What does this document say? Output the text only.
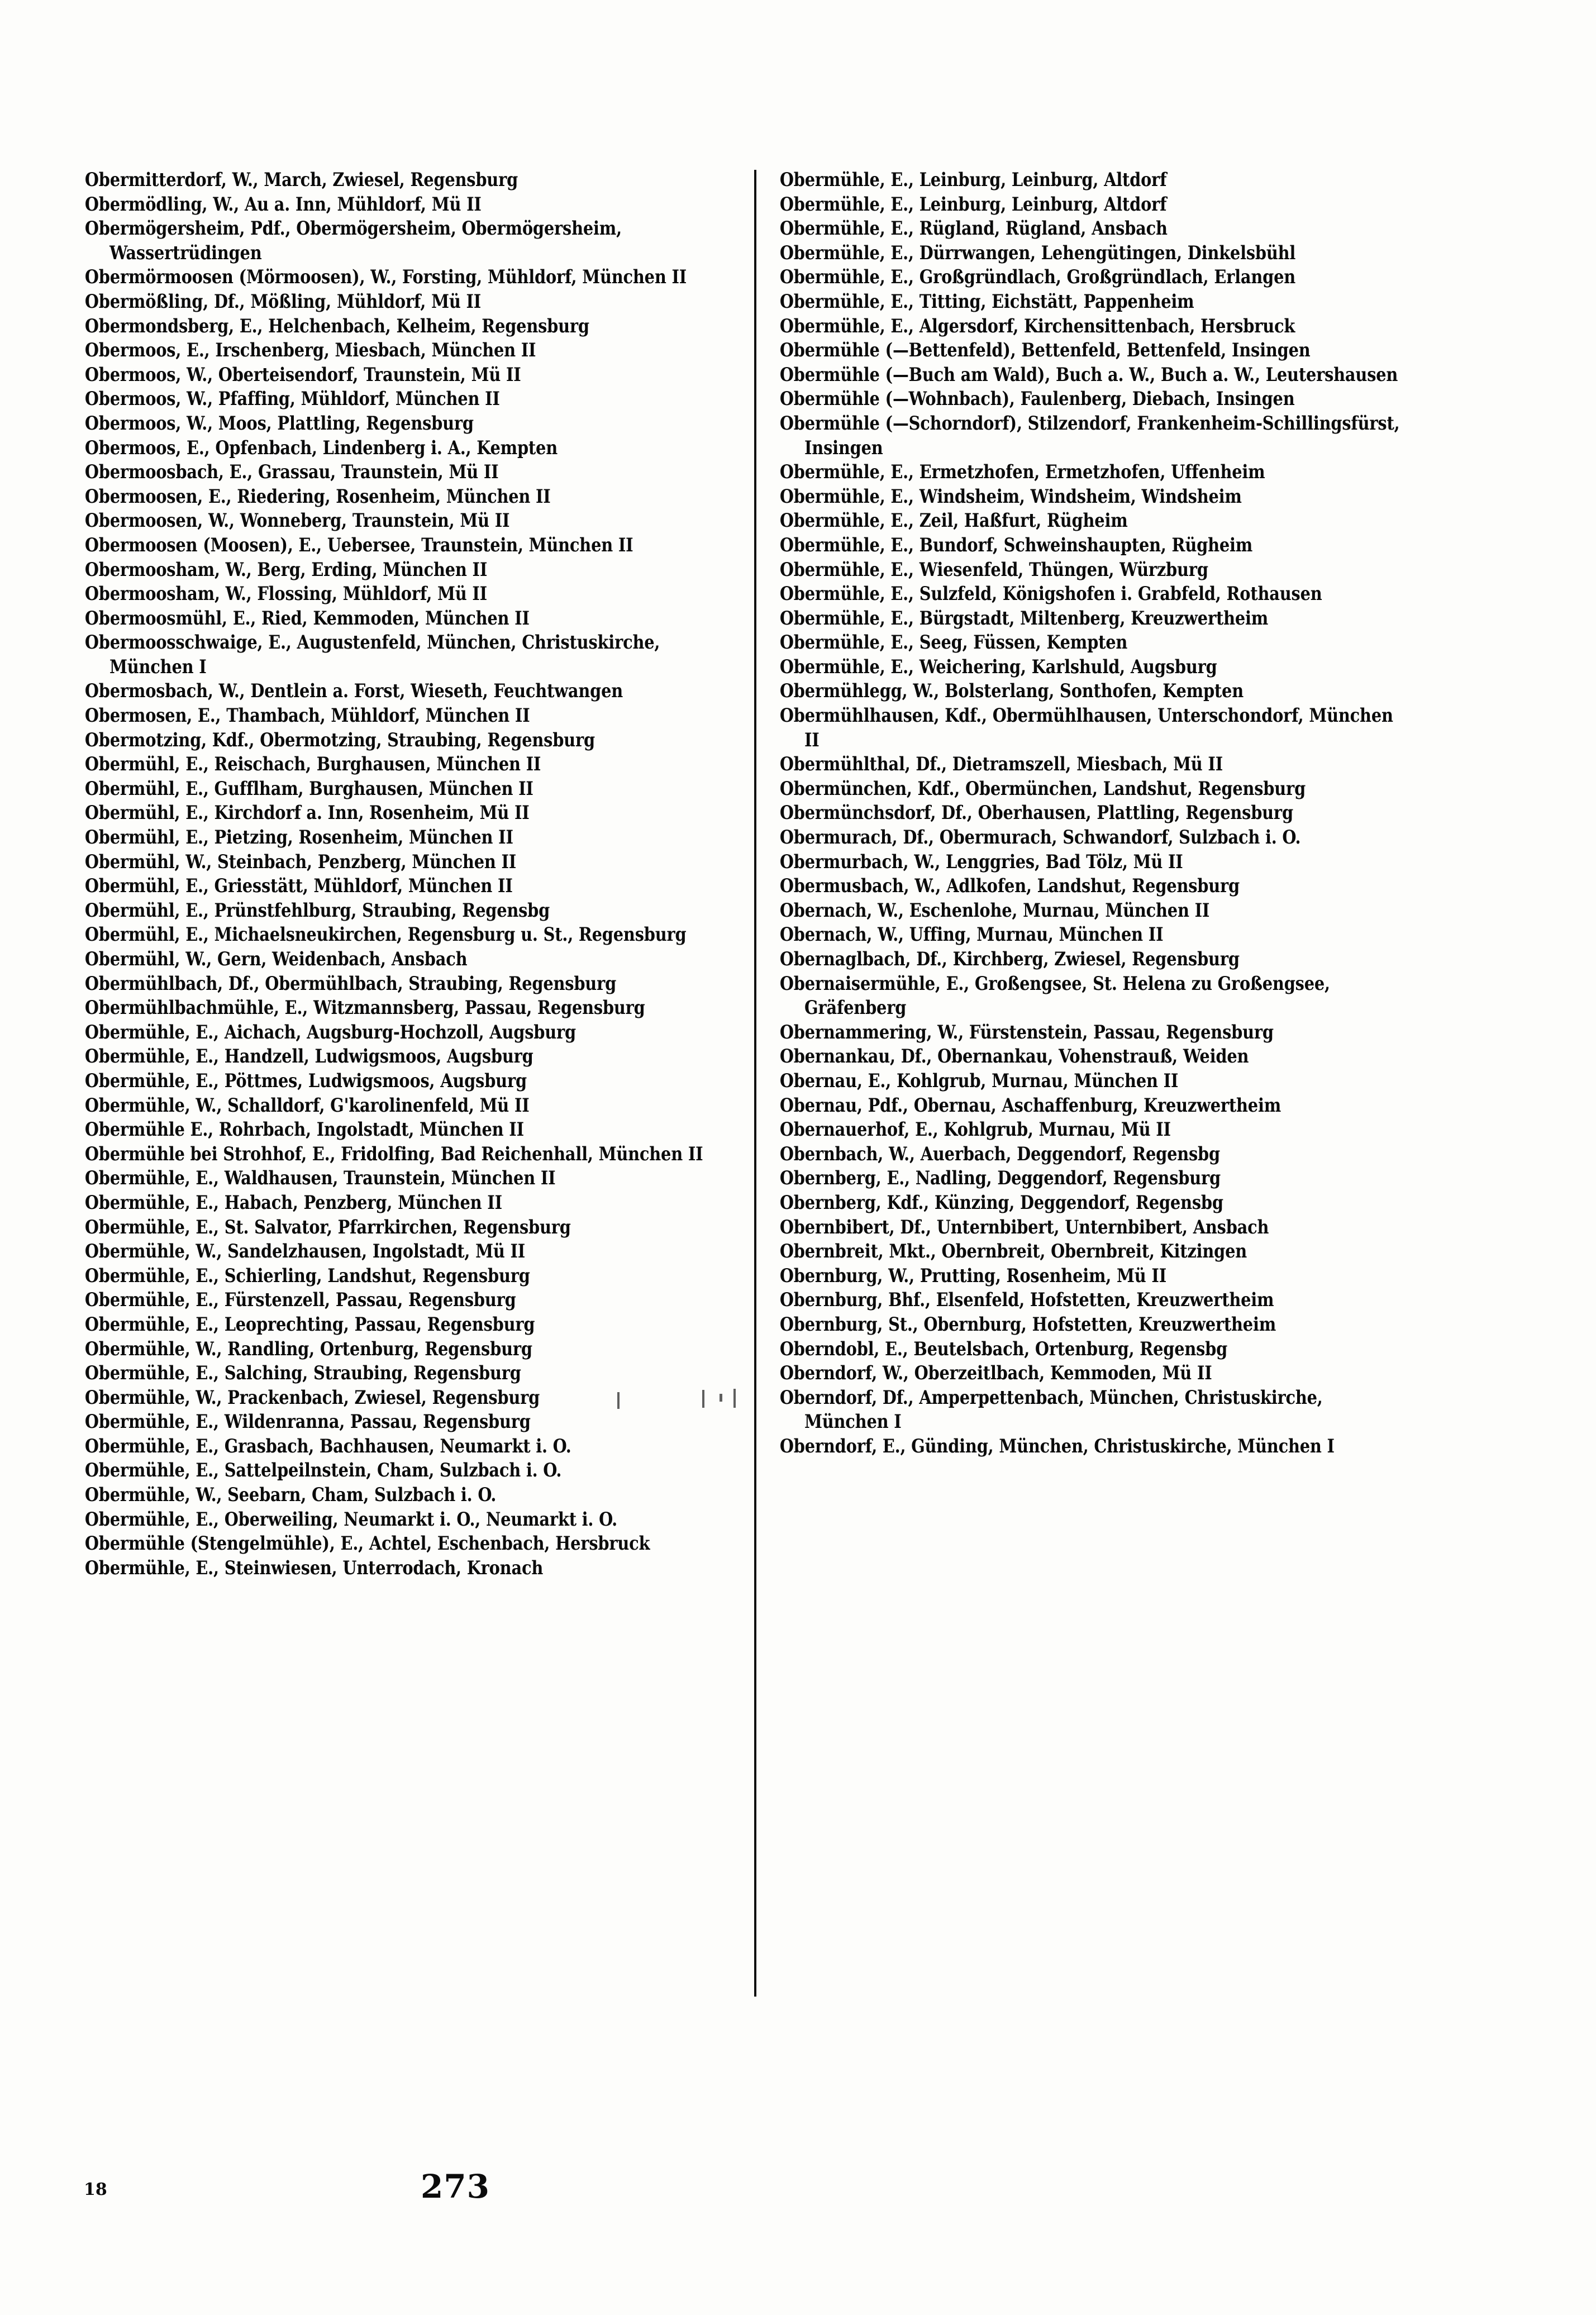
Obermitterdorf, W., March, Zwiesel, Regensburg

Obermödling, W., Au a. Inn, Mühldorf, Mü II

Obermögersheim, Pdf., Obermögersheim, Obermögersheim, Wassertrüdingen

Obermörmoosen (Mörmoosen), W., Forsting, Mühldorf, München II

Obermößling, Df., Mößling, Mühldorf, Mü II

Obermondsberg, E., Helchenbach, Kelheim, Regensburg

Obermoos, E., Irschenberg, Miesbach, München II

Obermoos, W., Oberteisendorf, Traunstein, Mü II

Obermoos, W., Pfaffing, Mühldorf, München II

Obermoos, W., Moos, Plattling, Regensburg

Obermoos, E., Opfenbach, Lindenberg i. A., Kempten

Obermoosbach, E., Grassau, Traunstein, Mü II

Obermoosen, E., Riedering, Rosenheim, München II

Obermoosen, W., Wonneberg, Traunstein, Mü II

Obermoosen (Moosen), E., Uebersee, Traunstein, München II

Obermoosham, W., Berg, Erding, München II

Obermoosham, W., Flossing, Mühldorf, Mü II

Obermoosmühl, E., Ried, Kemmoden, München II

Obermoosschwaige, E., Augustenfeld, München, Christuskirche, München I

Obermosbach, W., Dentlein a. Forst, Wieseth, Feuchtwangen

Obermosen, E., Thambach, Mühldorf, München II

Obermotzing, Kdf., Obermotzing, Straubing, Regensburg

Obermühl, E., Reischach, Burghausen, München II

Obermühl, E., Gufflham, Burghausen, München II

Obermühl, E., Kirchdorf a. Inn, Rosenheim, Mü II

Obermühl, E., Pietzing, Rosenheim, München II

Obermühl, W., Steinbach, Penzberg, München II

Obermühl, E., Griesstätt, Mühldorf, München II

Obermühl, E., Prünstfehlburg, Straubing, Regensbg

Obermühl, E., Michaelsneukirchen, Regensburg u. St., Regensburg

Obermühl, W., Gern, Weidenbach, Ansbach

Obermühlbach, Df., Obermühlbach, Straubing, Regensburg

Obermühlbachmühle, E., Witzmannsberg, Passau, Regensburg

Obermühle, E., Aichach, Augsburg-Hochzoll, Augsburg

Obermühle, E., Handzell, Ludwigsmoos, Augsburg

Obermühle, E., Pöttmes, Ludwigsmoos, Augsburg

Obermühle, W., Schalldorf, G'karolinenfeld, Mü II

Obermühle E., Rohrbach, Ingolstadt, München II

Obermühle bei Strohhof, E., Fridolfing, Bad Reichenhall, München II

Obermühle, E., Waldhausen, Traunstein, München II

Obermühle, E., Habach, Penzberg, München II

Obermühle, E., St. Salvator, Pfarrkirchen, Regensburg

Obermühle, W., Sandelzhausen, Ingolstadt, Mü II

Obermühle, E., Schierling, Landshut, Regensburg

Obermühle, E., Fürstenzell, Passau, Regensburg

Obermühle, E., Leoprechting, Passau, Regensburg

Obermühle, W., Randling, Ortenburg, Regensburg

Obermühle, E., Salching, Straubing, Regensburg

Obermühle, W., Prackenbach, Zwiesel, Regensburg

Obermühle, E., Wildenranna, Passau, Regensburg

Obermühle, E., Grasbach, Bachhausen, Neumarkt i. O.

Obermühle, E., Sattelpeilnstein, Cham, Sulzbach i. O.

Obermühle, W., Seebarn, Cham, Sulzbach i. O.

Obermühle, E., Oberweiling, Neumarkt i. O., Neumarkt i. O.

Obermühle (Stengelmühle), E., Achtel, Eschenbach, Hersbruck

Obermühle, E., Steinwiesen, Unterrodach, Kronach

Obermühle, E., Leinburg, Leinburg, Altdorf

Obermühle, E., Leinburg, Leinburg, Altdorf

Obermühle, E., Rügland, Rügland, Ansbach

Obermühle, E., Dürrwangen, Lehengütingen, Dinkelsbühl

Obermühle, E., Großgründlach, Großgründlach, Erlangen

Obermühle, E., Titting, Eichstätt, Pappenheim

Obermühle, E., Algersdorf, Kirchensittenbach, Hersbruck

Obermühle (—Bettenfeld), Bettenfeld, Bettenfeld, Insingen

Obermühle (—Buch am Wald), Buch a. W., Buch a. W., Leutershausen

Obermühle (—Wohnbach), Faulenberg, Diebach, Insingen

Obermühle (—Schorndorf), Stilzendorf, Frankenheim-Schillingsfürst, Insingen

Obermühle, E., Ermetzhofen, Ermetzhofen, Uffenheim

Obermühle, E., Windsheim, Windsheim, Windsheim

Obermühle, E., Zeil, Haßfurt, Rügheim

Obermühle, E., Bundorf, Schweinshaupten, Rügheim

Obermühle, E., Wiesenfeld, Thüngen, Würzburg

Obermühle, E., Sulzfeld, Königshofen i. Grabfeld, Rothausen

Obermühle, E., Bürgstadt, Miltenberg, Kreuzwertheim

Obermühle, E., Seeg, Füssen, Kempten

Obermühle, E., Weichering, Karlshuld, Augsburg

Obermühlegg, W., Bolsterlang, Sonthofen, Kempten

Obermühlhausen, Kdf., Obermühlhausen, Unterschondorf, München II

Obermühlthal, Df., Dietramszell, Miesbach, Mü II

Obermünchen, Kdf., Obermünchen, Landshut, Regensburg

Obermünchsdorf, Df., Oberhausen, Plattling, Regensburg

Obermurach, Df., Obermurach, Schwandorf, Sulzbach i. O.

Obermurbach, W., Lenggries, Bad Tölz, Mü II

Obermusbach, W., Adlkofen, Landshut, Regensburg

Obernach, W., Eschenlohe, Murnau, München II

Obernach, W., Uffing, Murnau, München II

Obernaglbach, Df., Kirchberg, Zwiesel, Regensburg

Obernaisermühle, E., Großengsee, St. Helena zu Großengsee, Gräfenberg

Obernammering, W., Fürstenstein, Passau, Regensburg

Obernankau, Df., Obernankau, Vohenstrauß, Weiden

Obernau, E., Kohlgrub, Murnau, München II

Obernau, Pdf., Obernau, Aschaffenburg, Kreuzwertheim

Obernauerhof, E., Kohlgrub, Murnau, Mü II

Obernbach, W., Auerbach, Deggendorf, Regensbg

Obernberg, E., Nadling, Deggendorf, Regensburg

Obernberg, Kdf., Künzing, Deggendorf, Regensbg

Obernbibert, Df., Unternbibert, Unternbibert, Ansbach

Obernbreit, Mkt., Obernbreit, Obernbreit, Kitzingen

Obernburg, W., Prutting, Rosenheim, Mü II

Obernburg, Bhf., Elsenfeld, Hofstetten, Kreuzwertheim

Obernburg, St., Obernburg, Hofstetten, Kreuzwertheim

Oberndobl, E., Beutelsbach, Ortenburg, Regensbg

Oberndorf, W., Oberzeitlbach, Kemmoden, Mü II

Oberndorf, Df., Amperpettenbach, München, Christuskirche, München I

Oberndorf, E., Günding, München, Christuskirche, München I

18	273
